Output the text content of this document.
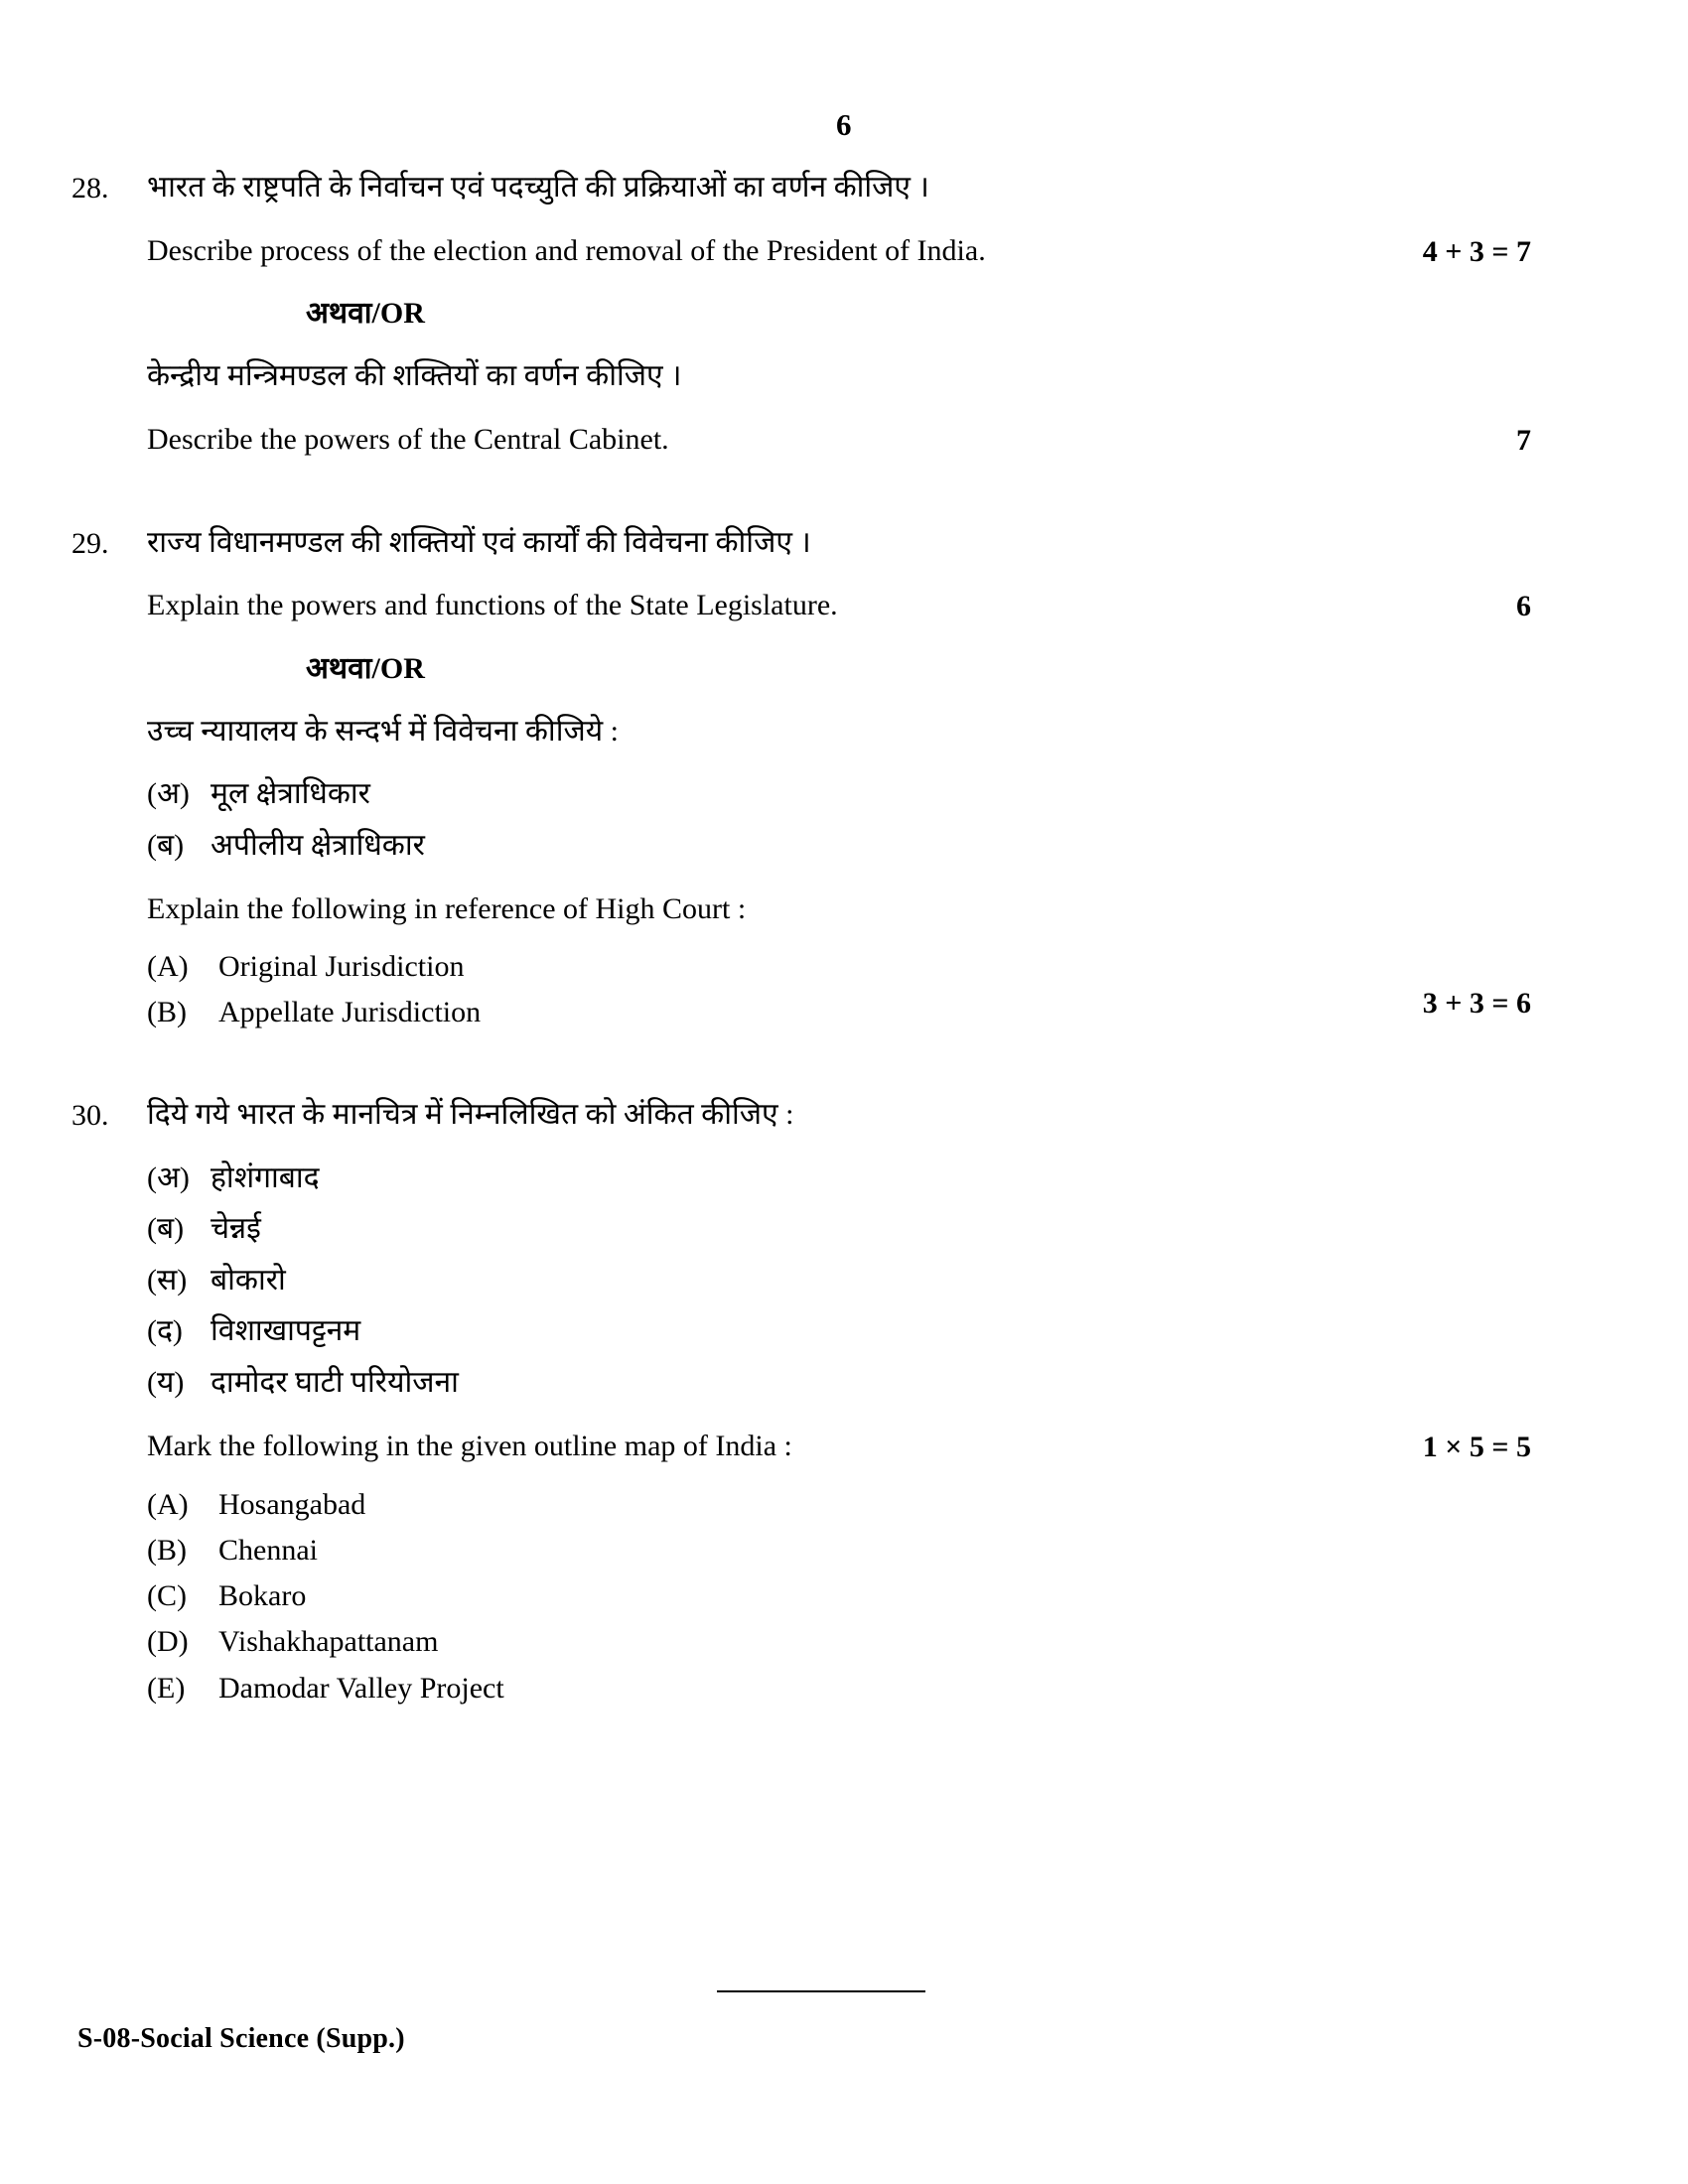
6
28.	भारत के राष्ट्रपति के निर्वाचन एवं पदच्युति की प्रक्रियाओं का वर्णन कीजिए ।
Describe process of the election and removal of the President of India.	4 + 3 = 7
अथवा/OR
केन्द्रीय मन्त्रिमण्डल की शक्तियों का वर्णन कीजिए ।
Describe the powers of the Central Cabinet.	7
29.	राज्य विधानमण्डल की शक्तियों एवं कार्यों की विवेचना कीजिए ।
Explain the powers and functions of the State Legislature.	6
अथवा/OR
उच्च न्यायालय के सन्दर्भ में विवेचना कीजिये :
(अ) मूल क्षेत्राधिकार
(ब) अपीलीय क्षेत्राधिकार
Explain the following in reference of High Court :
(A)	Original Jurisdiction
(B)	Appellate Jurisdiction	3 + 3 = 6
30.	दिये गये भारत के मानचित्र में निम्नलिखित को अंकित कीजिए :
(अ) होशंगाबाद
(ब) चेन्नई
(स) बोकारो
(द) विशाखापट्टनम
(य) दामोदर घाटी परियोजना
Mark the following in the given outline map of India :	1 × 5 = 5
(A)	Hosangabad
(B)	Chennai
(C)	Bokaro
(D)	Vishakhapattanam
(E)	Damodar Valley Project
S-08-Social Science (Supp.)
